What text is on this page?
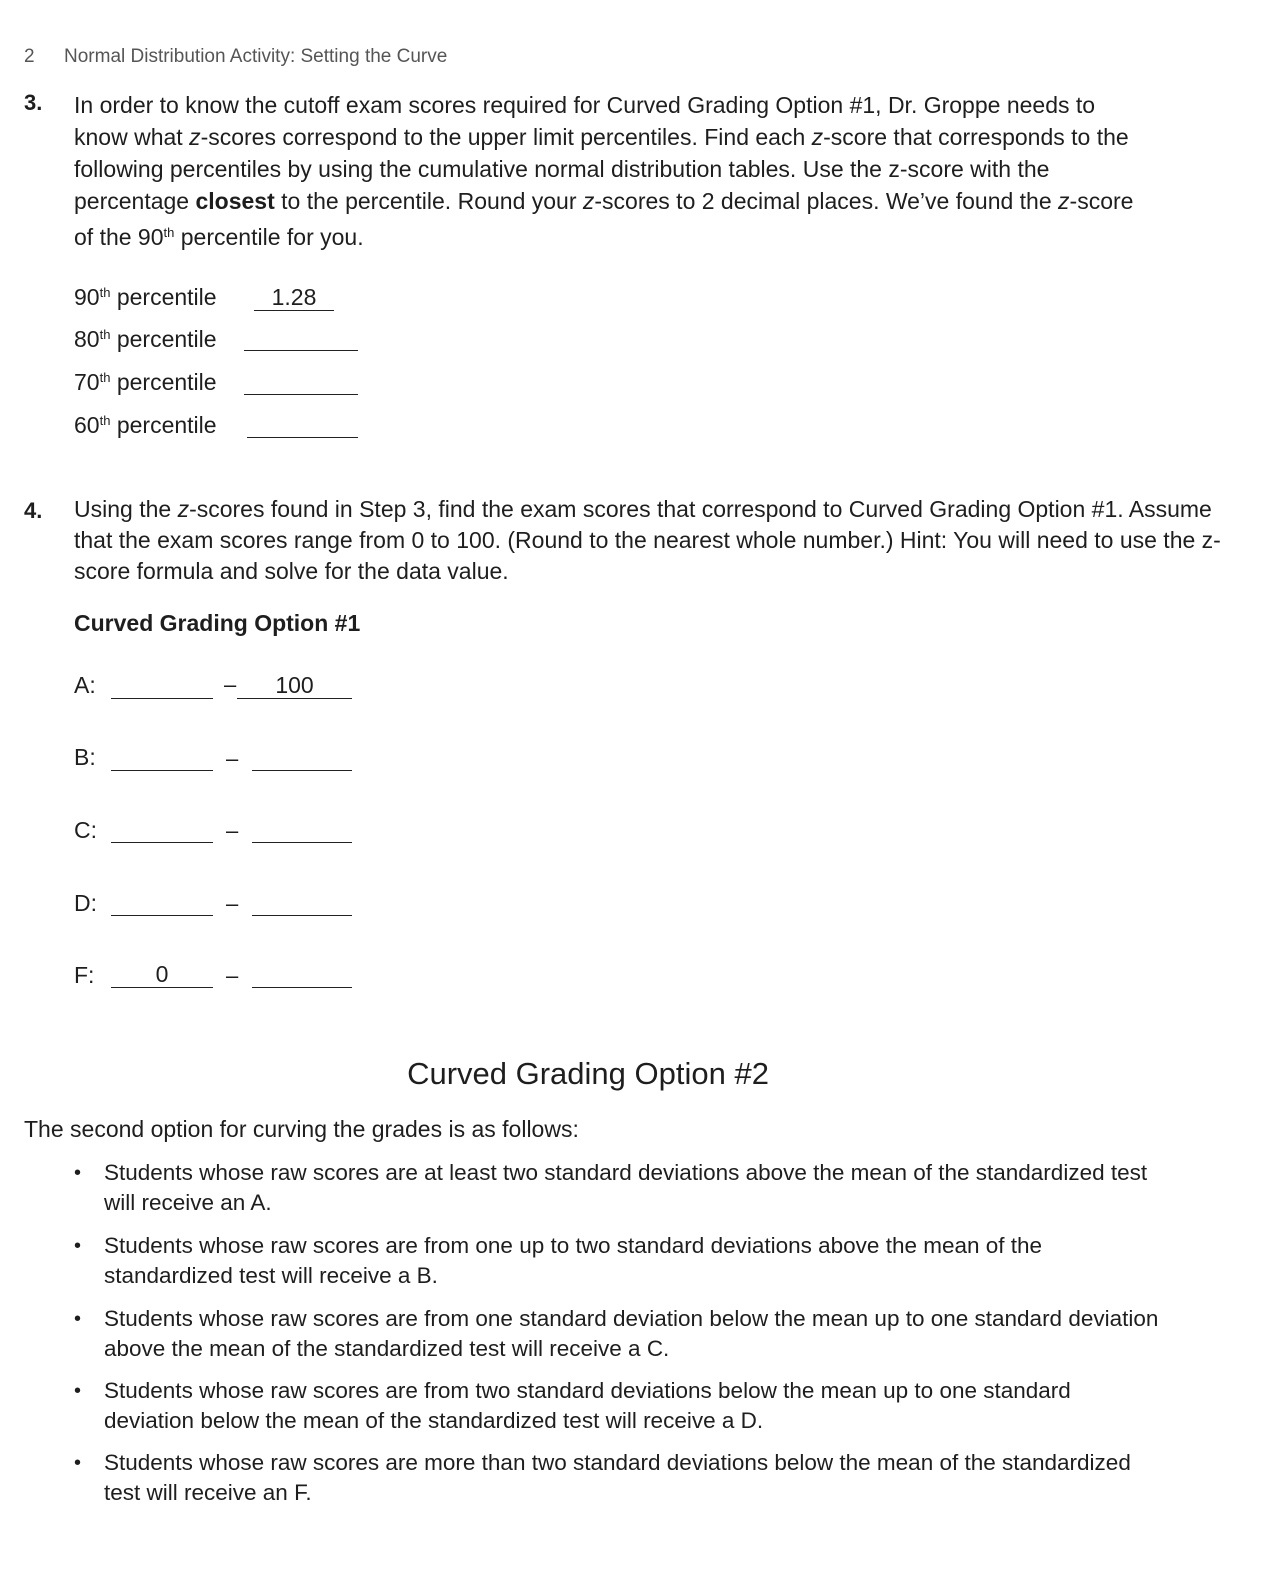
2 Normal Distribution Activity: Setting the Curve
3. In order to know the cutoff exam scores required for Curved Grading Option #1, Dr. Groppe needs to know what z-scores correspond to the upper limit percentiles. Find each z-score that corresponds to the following percentiles by using the cumulative normal distribution tables. Use the z-score with the percentage closest to the percentile. Round your z-scores to 2 decimal places. We’ve found the z-score of the 90th percentile for you.
90th percentile	1.28
80th percentile
70th percentile
60th percentile
4. Using the z-scores found in Step 3, find the exam scores that correspond to Curved Grading Option #1. Assume that the exam scores range from 0 to 100. (Round to the nearest whole number.) Hint: You will need to use the z-score formula and solve for the data value.
Curved Grading Option #1
A:	–	100
B:	–
C:	–
D:	–
F:	0	–
Curved Grading Option #2
The second option for curving the grades is as follows:
• Students whose raw scores are at least two standard deviations above the mean of the standardized test will receive an A.
• Students whose raw scores are from one up to two standard deviations above the mean of the standardized test will receive a B.
• Students whose raw scores are from one standard deviation below the mean up to one standard deviation above the mean of the standardized test will receive a C.
• Students whose raw scores are from two standard deviations below the mean up to one standard deviation below the mean of the standardized test will receive a D.
• Students whose raw scores are more than two standard deviations below the mean of the standardized test will receive an F.
